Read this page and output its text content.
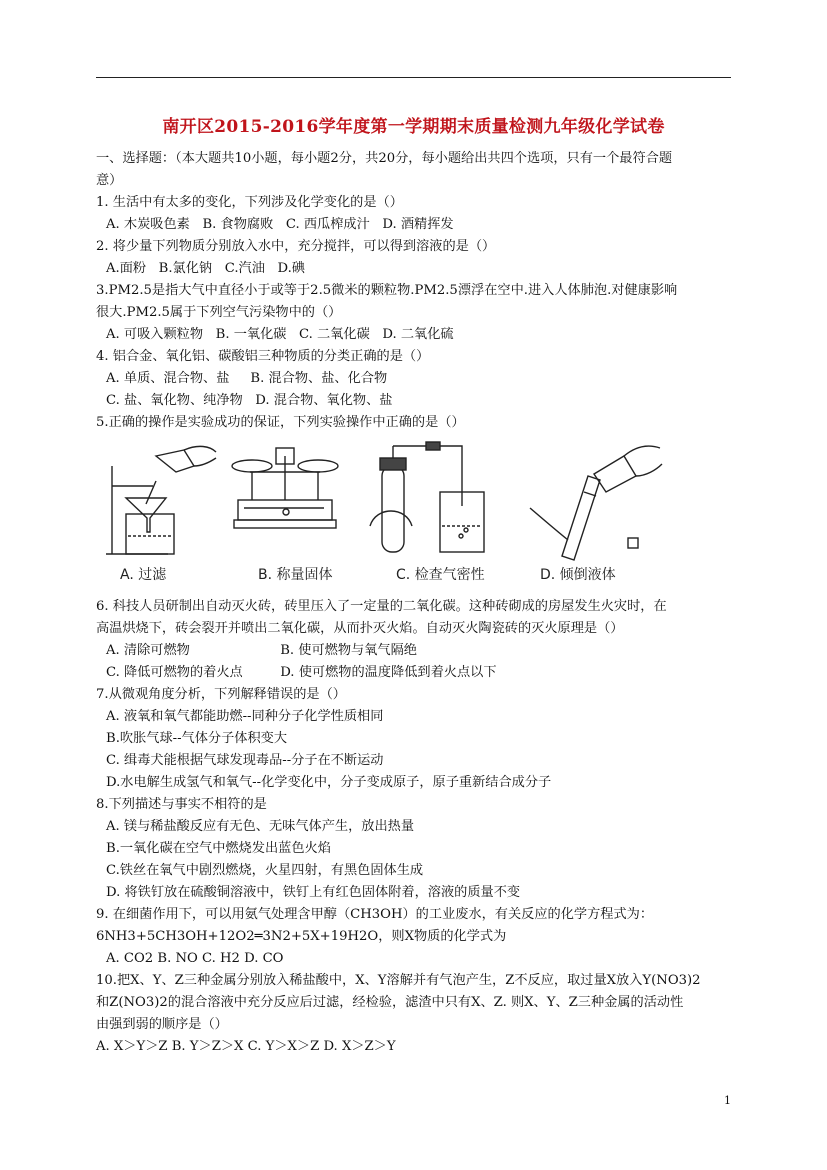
南开区2015-2016学年度第一学期期末质量检测九年级化学试卷
一、选择题：（本大题共10小题，每小题2分，共20分，每小题给出共四个选项，只有一个最符合题
意）
1. 生活中有太多的变化，下列涉及化学变化的是（）
A. 木炭吸色素 B. 食物腐败 C. 西瓜榨成汁 D. 酒精挥发
2. 将少量下列物质分别放入水中，充分搅拌，可以得到溶液的是（）
A.面粉 B.氯化钠 C.汽油 D.碘
3.PM2.5是指大气中直径小于或等于2.5微米的颗粒物.PM2.5漂浮在空中.进入人体肺泡.对健康影响
很大.PM2.5属于下列空气污染物中的（）
A. 可吸入颗粒物 B. 一氧化碳 C. 二氧化碳 D. 二氧化硫
4. 铝合金、氧化铝、碳酸铝三种物质的分类正确的是（）
A. 单质、混合物、盐 B. 混合物、盐、化合物
C. 盐、氧化物、纯净物 D. 混合物、氧化物、盐
5.正确的操作是实验成功的保证，下列实验操作中正确的是（）
A. 过滤	B. 称量固体	C. 检查气密性	D. 倾倒液体
6. 科技人员研制出自动灭火砖，砖里压入了一定量的二氧化碳。这种砖砌成的房屋发生火灾时，在
高温烘烧下，砖会裂开并喷出二氧化碳，从而扑灭火焰。自动灭火陶瓷砖的灭火原理是（）
A. 清除可燃物	B. 使可燃物与氧气隔绝
C. 降低可燃物的着火点	D. 使可燃物的温度降低到着火点以下
7.从微观角度分析，下列解释错误的是（）
A. 液氧和氧气都能助燃--同种分子化学性质相同
B.吹胀气球--气体分子体积变大
C. 缉毒犬能根据气球发现毒品--分子在不断运动
D.水电解生成氢气和氧气--化学变化中，分子变成原子，原子重新结合成分子
8.下列描述与事实不相符的是
A. 镁与稀盐酸反应有无色、无味气体产生，放出热量
B.一氧化碳在空气中燃烧发出蓝色火焰
C.铁丝在氧气中剧烈燃烧，火星四射，有黑色固体生成
D. 将铁钉放在硫酸铜溶液中，铁钉上有红色固体附着，溶液的质量不变
9. 在细菌作用下，可以用氨气处理含甲醇（CH3OH）的工业废水，有关反应的化学方程式为：
6NH3+5CH3OH+12O2═3N2+5X+19H2O，则X物质的化学式为
A. CO2 B. NO C. H2 D. CO
10.把X、Y、Z三种金属分别放入稀盐酸中，X、Y溶解并有气泡产生，Z不反应，取过量X放入Y(NO3)2
和Z(NO3)2的混合溶液中充分反应后过滤，经检验，滤渣中只有X、Z. 则X、Y、Z三种金属的活动性
由强到弱的顺序是（）
A. X＞Y＞Z B. Y＞Z＞X C. Y＞X＞Z D. X＞Z＞Y
1
